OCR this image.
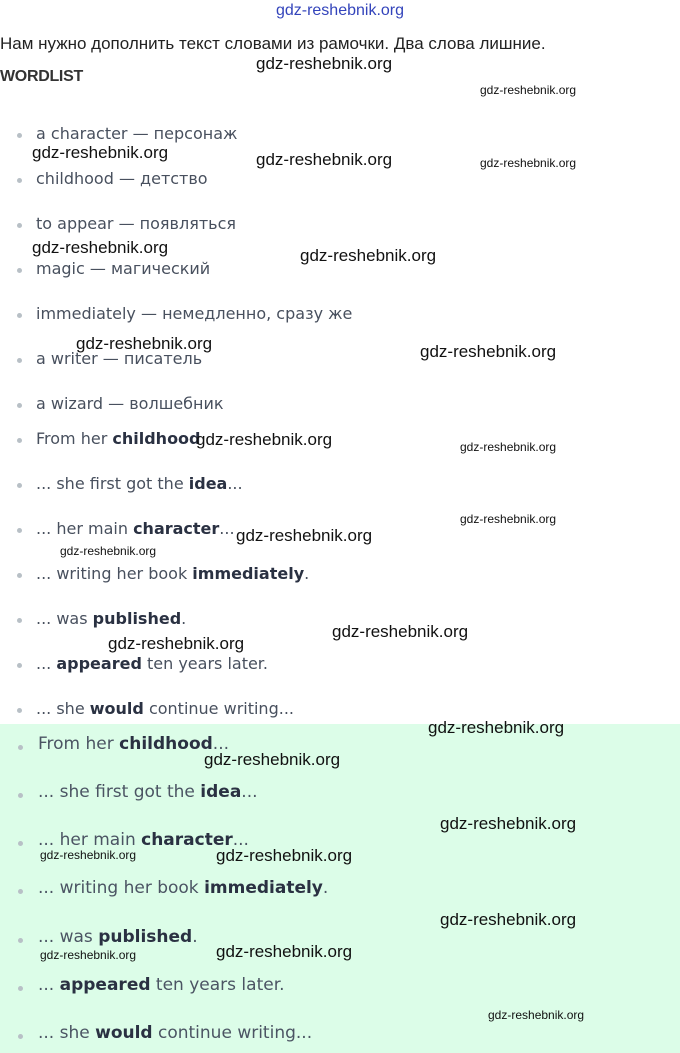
gdz-reshebnik.org
Нам нужно дополнить текст словами из рамочки. Два слова лишние.
WORDLIST
a character — персонаж
childhood — детство
to appear — появляться
magic — магический
immediately — немедленно, сразу же
a writer — писатель
a wizard — волшебник
From her childhood
... she first got the idea...
... her main character...
... writing her book immediately.
... was published.
... appeared ten years later.
... she would continue writing...
From her childhood...
... she first got the idea...
... her main character...
... writing her book immediately.
... was published.
... appeared ten years later.
... she would continue writing...
gdz-reshebnik.org
gdz-reshebnik.org
gdz-reshebnik.org	gdz-reshebnik.org	gdz-reshebnik.org
gdz-reshebnik.org	gdz-reshebnik.org
gdz-reshebnik.org	gdz-reshebnik.org
gdz-reshebnik.org	gdz-reshebnik.org
gdz-reshebnik.org
gdz-reshebnik.org
gdz-reshebnik.org
gdz-reshebnik.org
gdz-reshebnik.org
gdz-reshebnik.org
gdz-reshebnik.org
gdz-reshebnik.org
gdz-reshebnik.org	gdz-reshebnik.org
gdz-reshebnik.org
gdz-reshebnik.org	gdz-reshebnik.org
gdz-reshebnik.org
